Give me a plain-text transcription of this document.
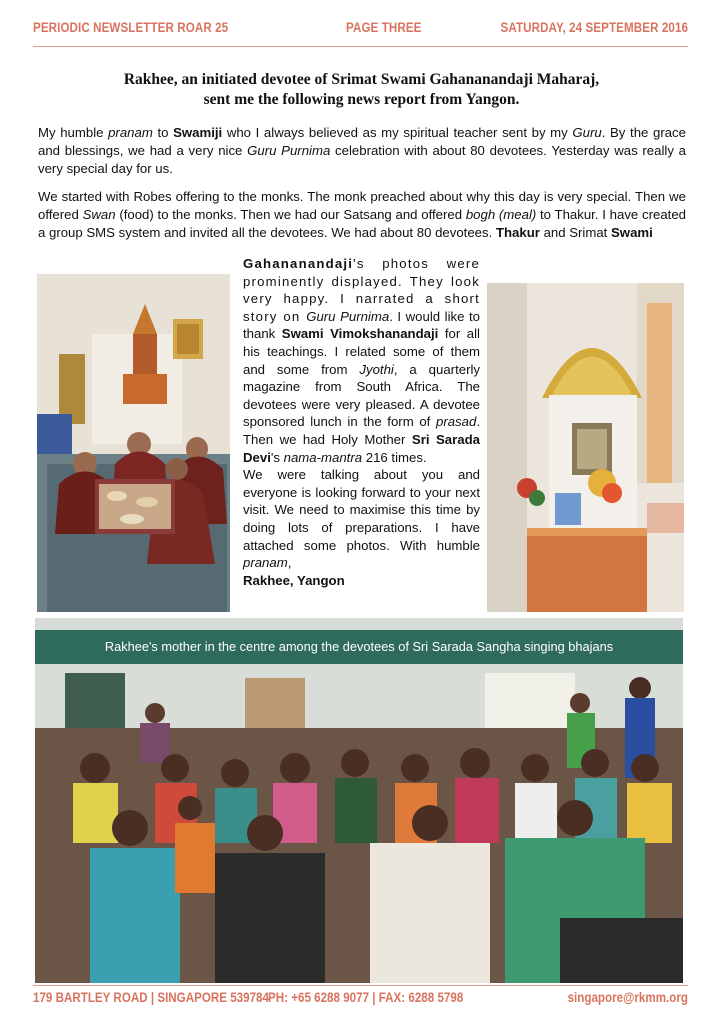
PERIODIC NEWSLETTER ROAR 25	PAGE THREE	SATURDAY, 24 SEPTEMBER 2016
Rakhee, an initiated devotee of Srimat Swami Gahananandaji Maharaj,
sent me the following news report from Yangon.
My humble pranam to Swamiji who I always believed as my spiritual teacher sent by my Guru. By the grace and blessings, we had a very nice Guru Purnima celebration with about 80 devotees. Yesterday was really a very special day for us.
We started with Robes offering to the monks. The monk preached about why this day is very special. Then we offered Swan (food) to the monks. Then we had our Satsang and offered bogh (meal) to Thakur. I have created a group SMS system and invited all the devotees. We had about 80 devotees. Thakur and Srimat Swami
Gahananandaji's photos were prominently displayed. They look very happy. I narrated a short story on Guru Purnima. I would like to thank Swami Vimokshanandaji for all his teachings. I related some of them and some from Jyothi, a quarterly magazine from South Africa. The devotees were very pleased. A devotee sponsored lunch in the form of prasad. Then we had Holy Mother Sri Sarada Devi's nama-mantra 216 times.
We were talking about you and everyone is looking forward to your next visit. We need to maximise this time by doing lots of preparations. I have attached some photos. With humble pranam,
Rakhee, Yangon
Rakhee's mother in the centre among the devotees of Sri Sarada Sangha singing bhajans
179 BARTLEY ROAD | SINGAPORE 539784 PH: +65 6288 9077 | FAX: 6288 5798	singapore@rkmm.org
